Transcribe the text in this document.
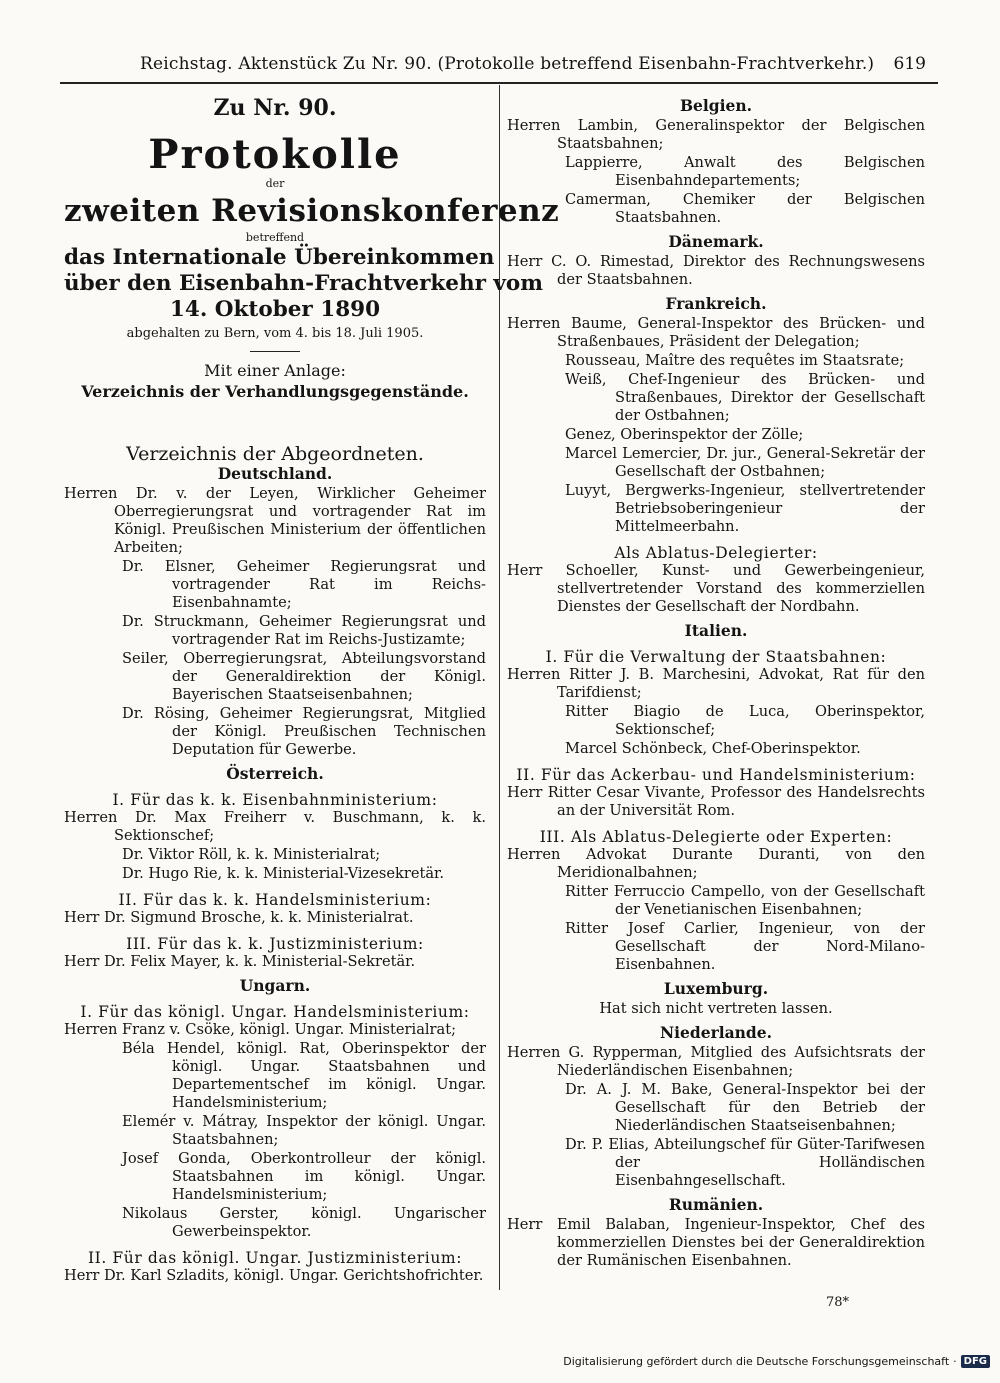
Reichstag. Aktenstück Zu Nr. 90. (Protokolle betreffend Eisenbahn-Frachtverkehr.) 619
Zu Nr. 90.
Protokolle
der
zweiten Revisionskonferenz
betreffend
das Internationale Übereinkommen
über den Eisenbahn-Frachtverkehr vom
14. Oktober 1890
abgehalten zu Bern, vom 4. bis 18. Juli 1905.
Mit einer Anlage:
Verzeichnis der Verhandlungsgegenstände.
Verzeichnis der Abgeordneten.
Deutschland.

Herren Dr. v. der Leyen, Wirklicher Geheimer Oberregierungsrat und vortragender Rat im Königl. Preußischen Ministerium der öffentlichen Arbeiten;

Dr. Elsner, Geheimer Regierungsrat und vortragender Rat im Reichs-Eisenbahnamte;

Dr. Struckmann, Geheimer Regierungsrat und vortragender Rat im Reichs-Justizamte;

Seiler, Oberregierungsrat, Abteilungsvorstand der Generaldirektion der Königl. Bayerischen Staatseisenbahnen;

Dr. Rösing, Geheimer Regierungsrat, Mitglied der Königl. Preußischen Technischen Deputation für Gewerbe.

Österreich.
I. Für das k. k. Eisenbahnministerium:

Herren Dr. Max Freiherr v. Buschmann, k. k. Sektionschef;

Dr. Viktor Röll, k. k. Ministerialrat;

Dr. Hugo Rie, k. k. Ministerial-Vizesekretär.

II. Für das k. k. Handelsministerium:

Herr Dr. Sigmund Brosche, k. k. Ministerialrat.

III. Für das k. k. Justizministerium:

Herr Dr. Felix Mayer, k. k. Ministerial-Sekretär.

Ungarn.
I. Für das königl. Ungar. Handelsministerium:

Herren Franz v. Csöke, königl. Ungar. Ministerialrat;

Béla Hendel, königl. Rat, Oberinspektor der königl. Ungar. Staatsbahnen und Departementschef im königl. Ungar. Handelsministerium;

Elemér v. Mátray, Inspektor der königl. Ungar. Staatsbahnen;

Josef Gonda, Oberkontrolleur der königl. Staatsbahnen im königl. Ungar. Handelsministerium;

Nikolaus Gerster, königl. Ungarischer Gewerbeinspektor.

II. Für das königl. Ungar. Justizministerium:

Herr Dr. Karl Szladits, königl. Ungar. Gerichtshofrichter.

Belgien.

Herren Lambin, Generalinspektor der Belgischen Staatsbahnen;

Lappierre, Anwalt des Belgischen Eisenbahndepartements;

Camerman, Chemiker der Belgischen Staatsbahnen.

Dänemark.

Herr C. O. Rimestad, Direktor des Rechnungswesens der Staatsbahnen.

Frankreich.

Herren Baume, General-Inspektor des Brücken- und Straßenbaues, Präsident der Delegation;

Rousseau, Maître des requêtes im Staatsrate;

Weiß, Chef-Ingenieur des Brücken- und Straßenbaues, Direktor der Gesellschaft der Ostbahnen;

Genez, Oberinspektor der Zölle;

Marcel Lemercier, Dr. jur., General-Sekretär der Gesellschaft der Ostbahnen;

Luyyt, Bergwerks-Ingenieur, stellvertretender Betriebsoberingenieur der Mittelmeerbahn.

Als Ablatus-Delegierter:

Herr Schoeller, Kunst- und Gewerbeingenieur, stellvertretender Vorstand des kommerziellen Dienstes der Gesellschaft der Nordbahn.

Italien.
I. Für die Verwaltung der Staatsbahnen:

Herren Ritter J. B. Marchesini, Advokat, Rat für den Tarifdienst;

Ritter Biagio de Luca, Oberinspektor, Sektionschef;

Marcel Schönbeck, Chef-Oberinspektor.

II. Für das Ackerbau- und Handelsministerium:

Herr Ritter Cesar Vivante, Professor des Handelsrechts an der Universität Rom.

III. Als Ablatus-Delegierte oder Experten:

Herren Advokat Durante Duranti, von den Meridionalbahnen;

Ritter Ferruccio Campello, von der Gesellschaft der Venetianischen Eisenbahnen;

Ritter Josef Carlier, Ingenieur, von der Gesellschaft der Nord-Milano-Eisenbahnen.

Luxemburg.
Hat sich nicht vertreten lassen.
Niederlande.

Herren G. Rypperman, Mitglied des Aufsichtsrats der Niederländischen Eisenbahnen;

Dr. A. J. M. Bake, General-Inspektor bei der Gesellschaft für den Betrieb der Niederländischen Staatseisenbahnen;

Dr. P. Elias, Abteilungschef für Güter-Tarifwesen der Holländischen Eisenbahngesellschaft.

Rumänien.

Herr Emil Balaban, Ingenieur-Inspektor, Chef des kommerziellen Dienstes bei der Generaldirektion der Rumänischen Eisenbahnen.

78*
Digitalisierung gefördert durch die Deutsche Forschungsgemeinschaft · DFG
